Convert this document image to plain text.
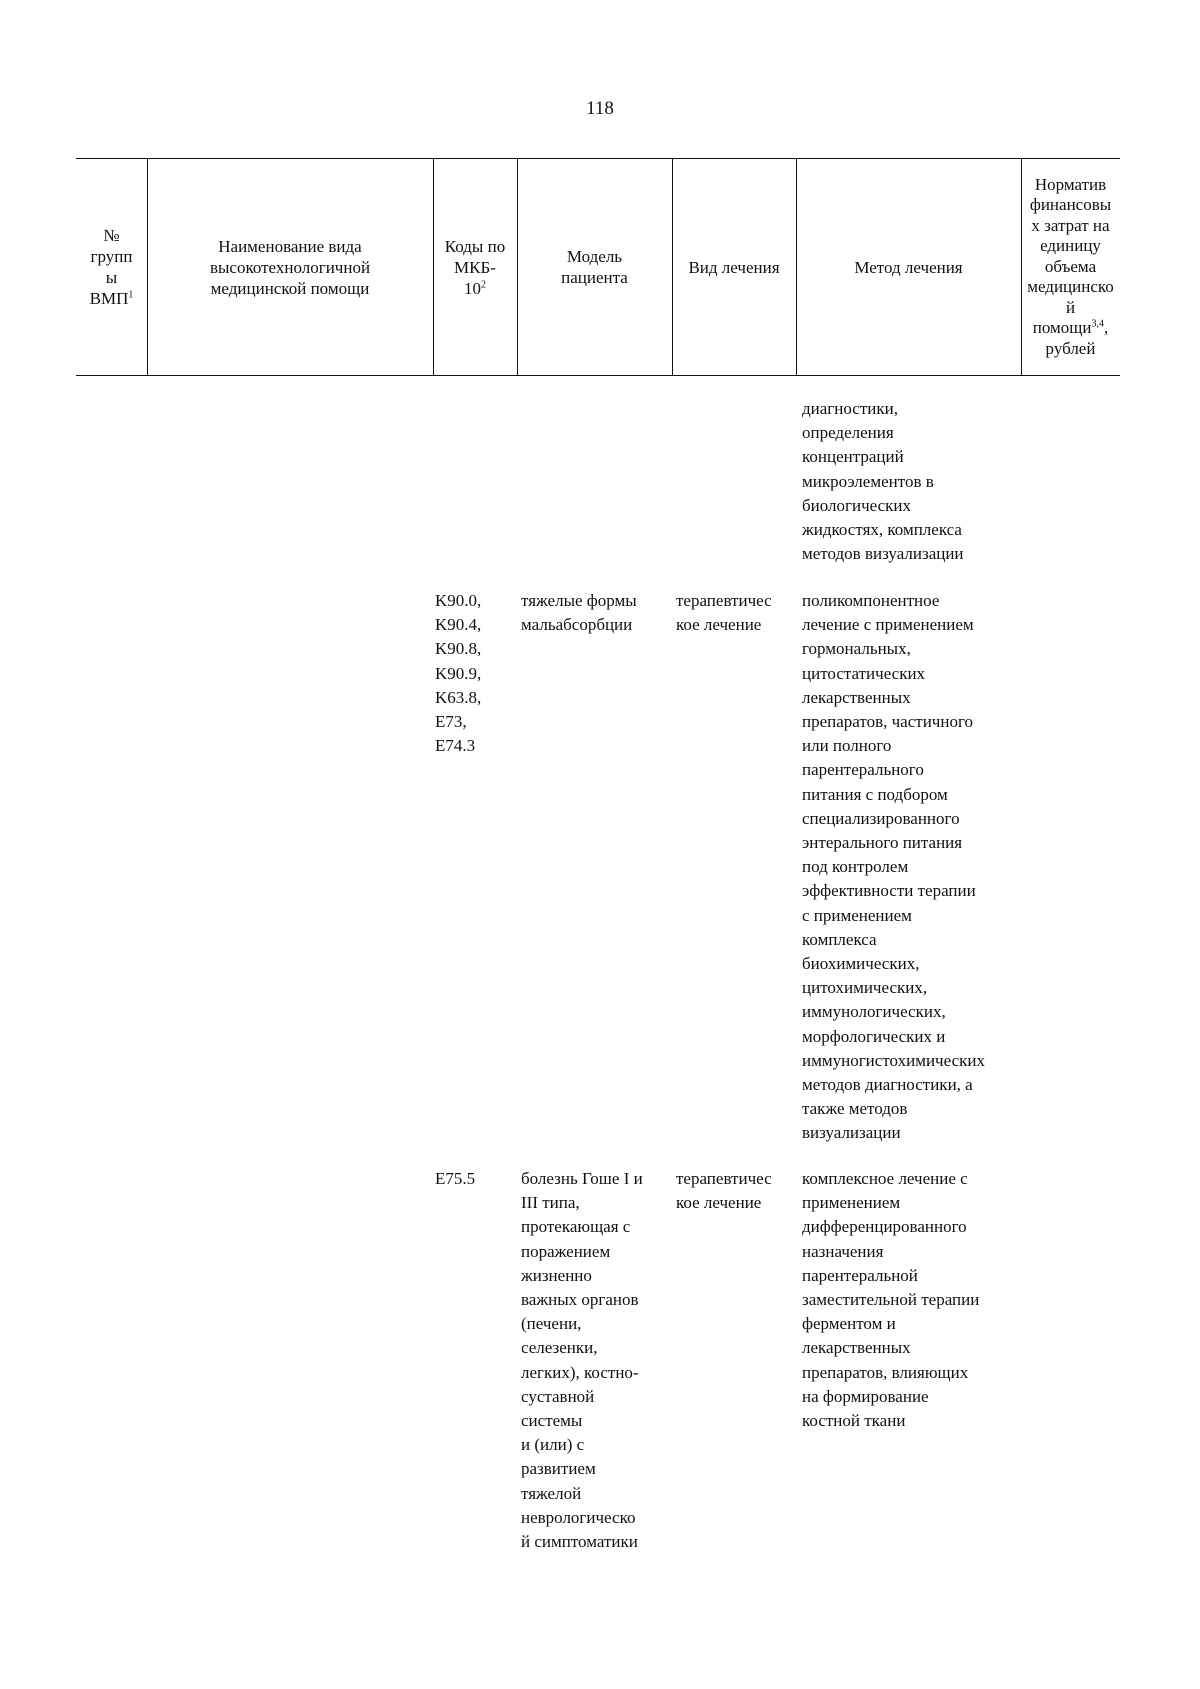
118
№
групп
ы
ВМП$^1$
Наименование вида
высокотехнологичной
медицинской помощи
Коды по
МКБ-
$10^2$
Модель
пациента
Вид лечения	Метод лечения
Норматив
финансовы
х затрат на
единицу
объема
медицинско
й
помощи$^{3,4}$,
рублей
диагностики,
определения
концентраций
микроэлементов в
биологических
жидкостях, комплекса
методов визуализации
K90.0,
K90.4,
K90.8,
K90.9,
K63.8,
E73,
E74.3
тяжелые формы
мальабсорбции
терапевтичес
кое лечение
поликомпонентное
лечение с применением
гормональных,
цитостатических
лекарственных
препаратов, частичного
или полного
парентерального
питания с подбором
специализированного
энтерального питания
под контролем
эффективности терапии
с применением
комплекса
биохимических,
цитохимических,
иммунологических,
морфологических и
иммуногистохимических
методов диагностики, а
также методов
визуализации
E75.5	болезнь Гоше I и
III типа,
протекающая с
поражением
жизненно
важных органов
(печени,
селезенки,
легких), костно-
суставной
системы
и (или) с
развитием
тяжелой
неврологическо
й симптоматики
терапевтичес
кое лечение
комплексное лечение с
применением
дифференцированного
назначения
парентеральной
заместительной терапии
ферментом и
лекарственных
препаратов, влияющих
на формирование
костной ткани
